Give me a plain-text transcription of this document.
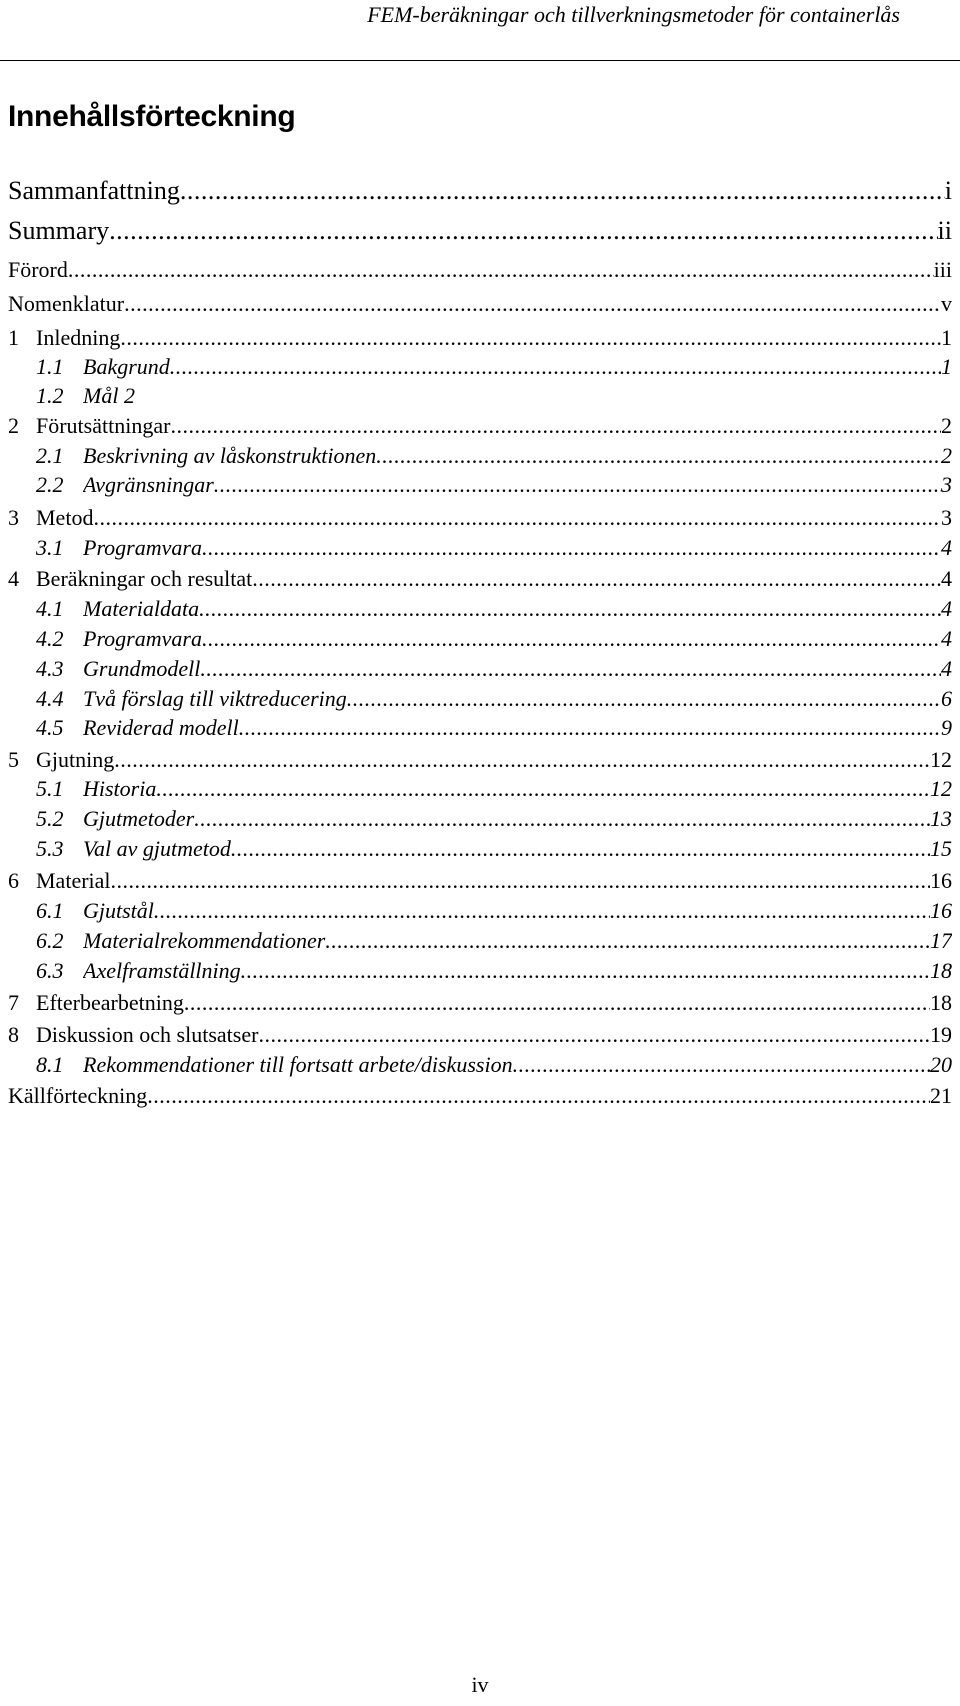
FEM-beräkningar och tillverkningsmetoder för containerlås
Innehållsförteckning
Sammanfattning .....	i
Summary .....	ii
Förord .....	iii
Nomenklatur .....	v
1 Inledning .....	1
1.1 Bakgrund .....	1
1.2 Mål 2
2 Förutsättningar .....	2
2.1 Beskrivning av låskonstruktionen .....	2
2.2 Avgränsningar .....	3
3 Metod .....	3
3.1 Programvara .....	4
4 Beräkningar och resultat .....	4
4.1 Materialdata .....	4
4.2 Programvara .....	4
4.3 Grundmodell .....	4
4.4 Två förslag till viktreducering .....	6
4.5 Reviderad modell .....	9
5 Gjutning .....	12
5.1 Historia .....	12
5.2 Gjutmetoder .....	13
5.3 Val av gjutmetod .....	15
6 Material .....	16
6.1 Gjutstål .....	16
6.2 Materialrekommendationer .....	17
6.3 Axelframställning .....	18
7 Efterbearbetning .....	18
8 Diskussion och slutsatser .....	19
8.1 Rekommendationer till fortsatt arbete/diskussion .....	20
Källförteckning .....	21
iv
